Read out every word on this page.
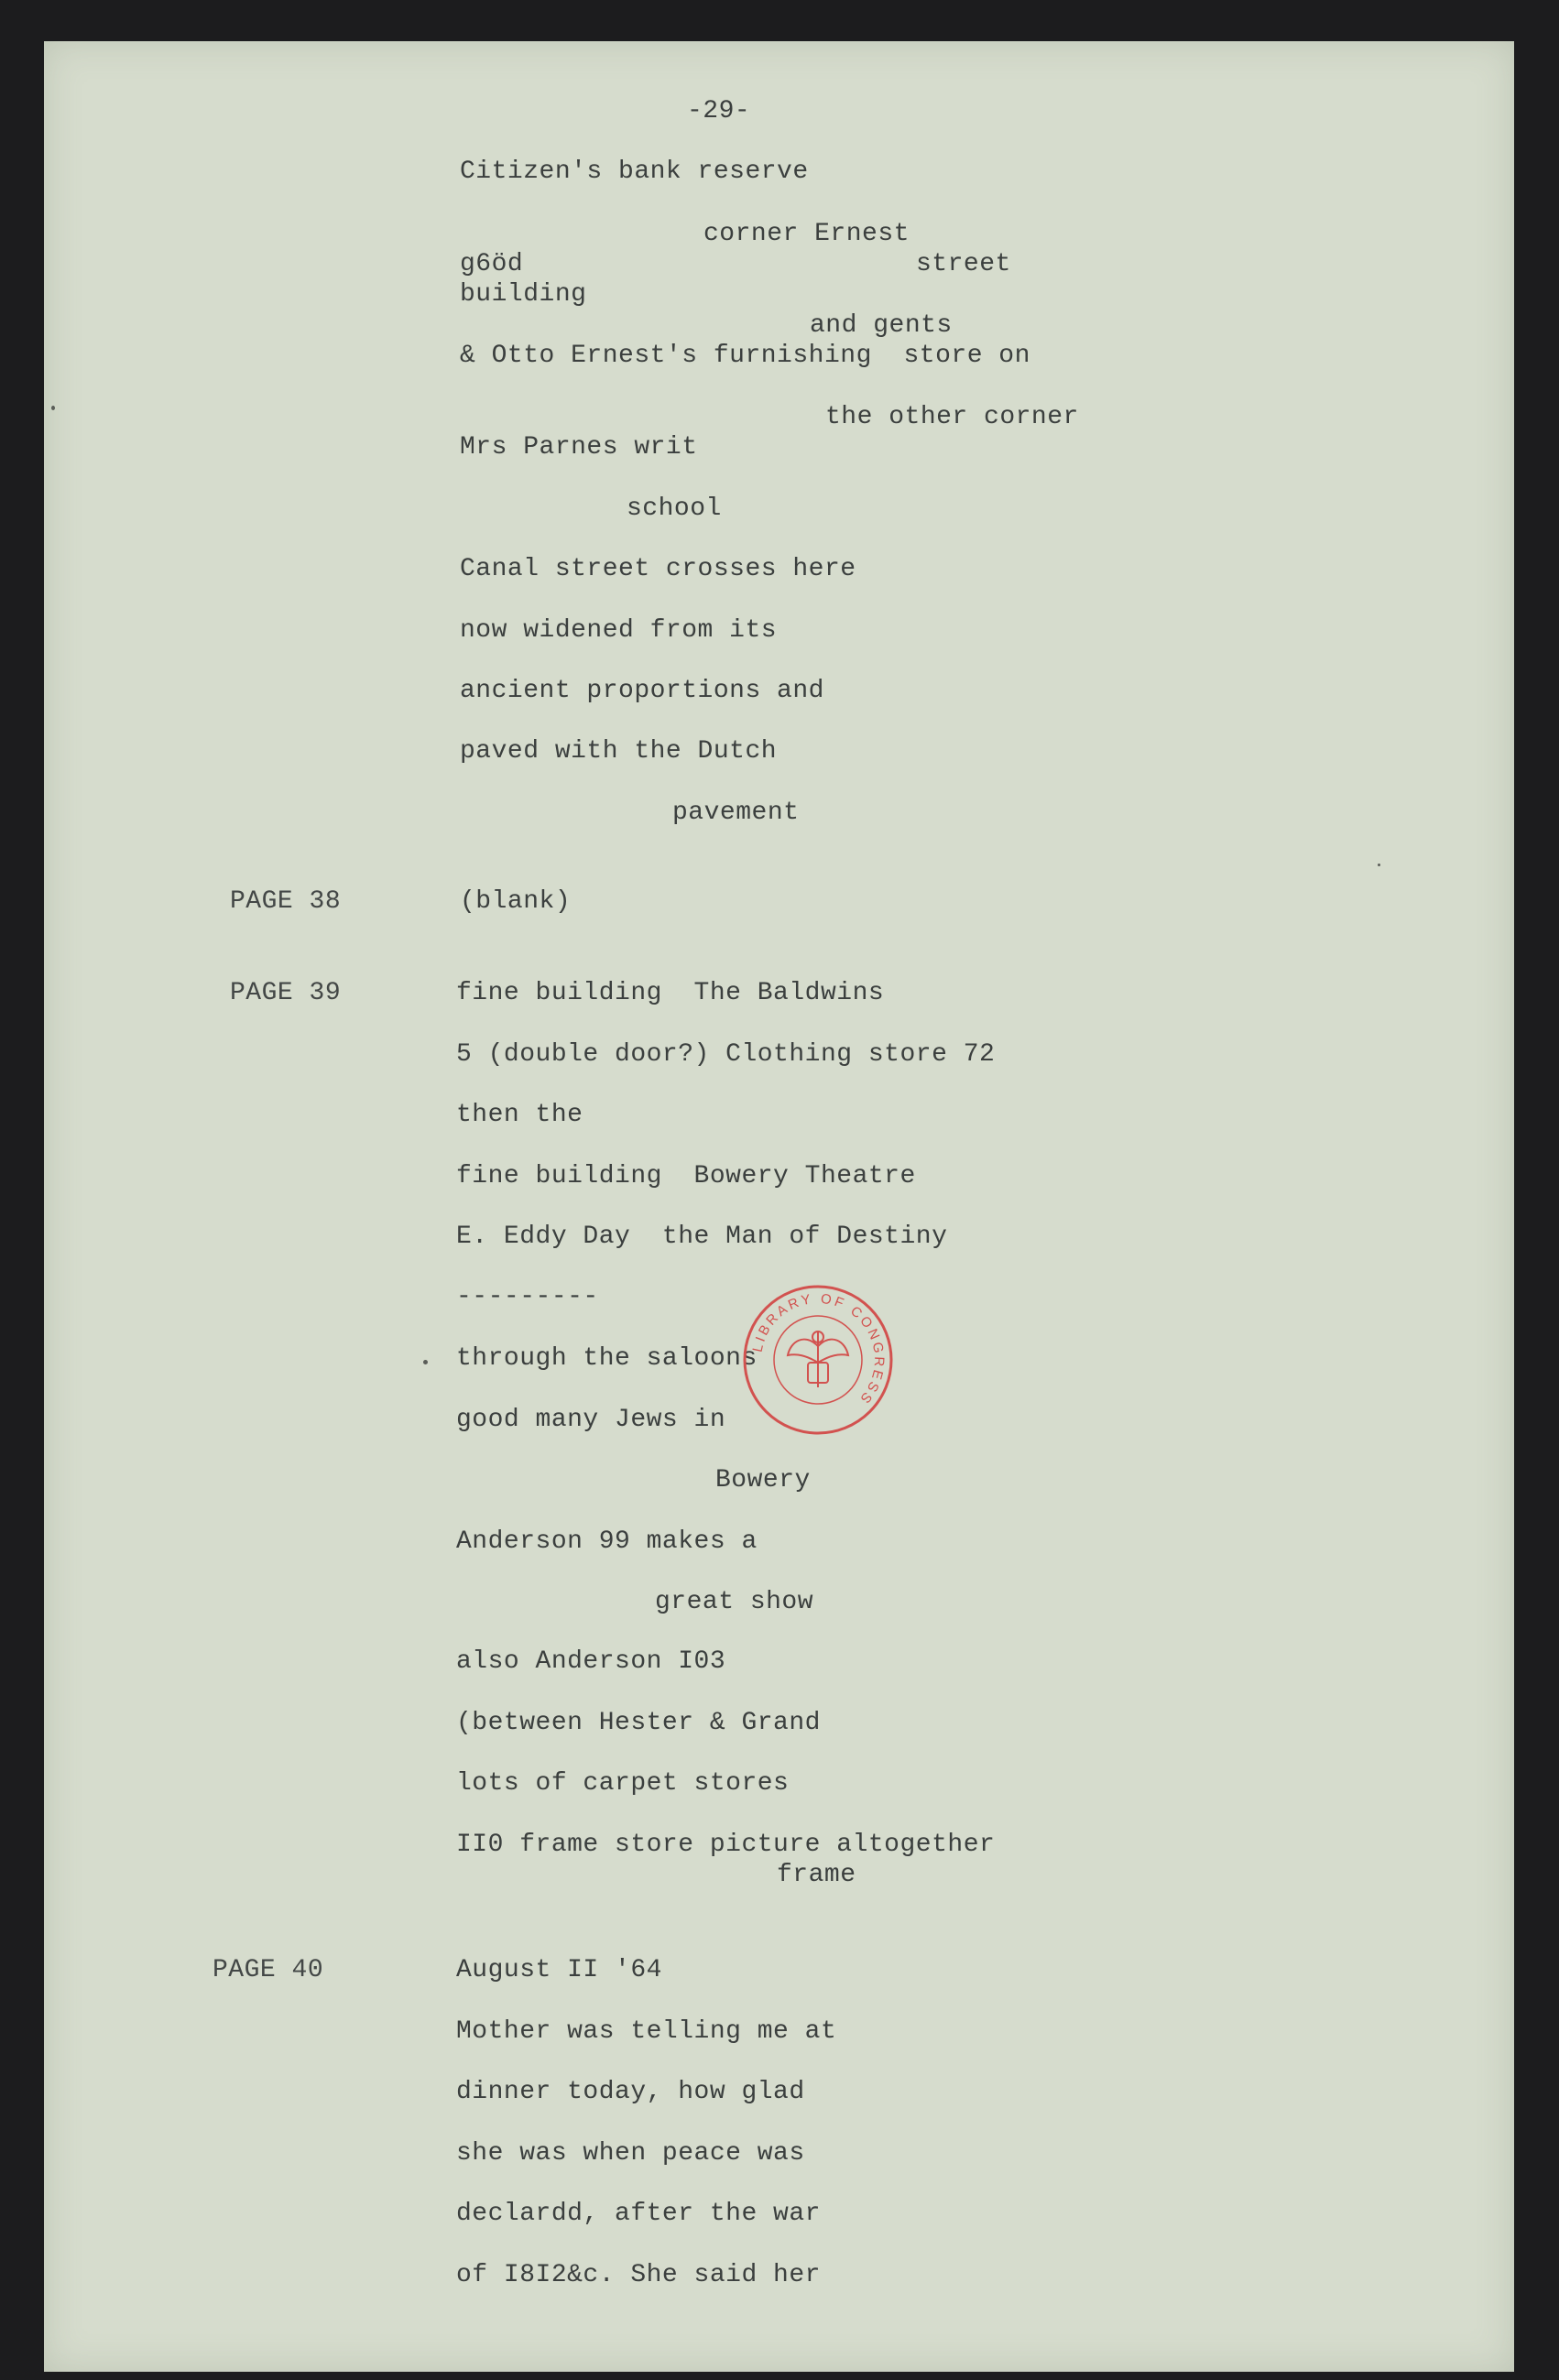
-29-
Citizen's bank reserve
corner Ernest
g6öd	street
building
and gents
& Otto Ernest's furnishing  store on
the other corner
Mrs Parnes writ
school
Canal street crosses here
now widened from its
ancient proportions and
paved with the Dutch
pavement
PAGE 38	(blank)
PAGE 39	fine building  The Baldwins
5 (double door?) Clothing store 72
then the
fine building  Bowery Theatre
E. Eddy Day  the Man of Destiny
---------
through the saloons
good many Jews in
Bowery
Anderson 99 makes a
great show
also Anderson I03
(between Hester & Grand
lots of carpet stores
II0 frame store picture altogether
frame
PAGE 40	August II '64
Mother was telling me at
dinner today, how glad
she was when peace was
declardd, after the war
of I8I2&c. She said her
LIBRARY OF CONGRESS
